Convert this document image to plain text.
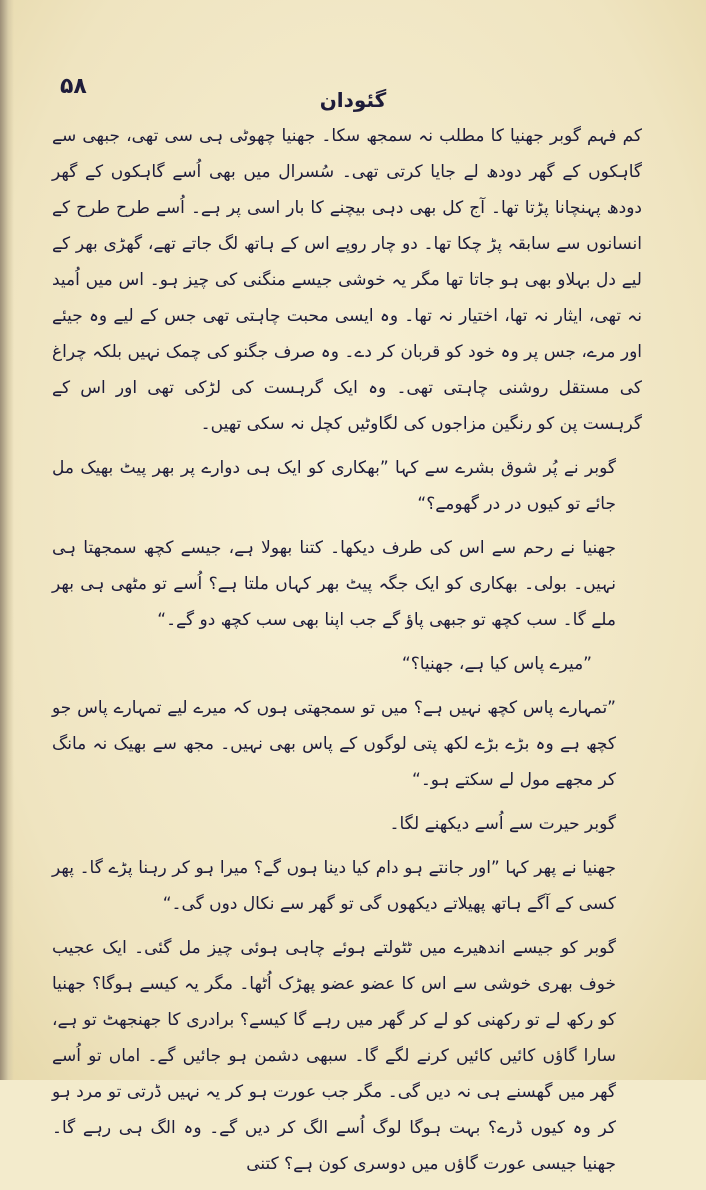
۵۸
گئودان

کم فہم گوبر جھنیا کا مطلب نہ سمجھ سکا۔ جھنیا چھوٹی ہی سی تھی، جبھی سے گاہکوں کے گھر دودھ لے جایا کرتی تھی۔ سُسرال میں بھی اُسے گاہکوں کے گھر دودھ پہنچانا پڑتا تھا۔ آج کل بھی دہی بیچنے کا بار اسی پر ہے۔ اُسے طرح طرح کے انسانوں سے سابقہ پڑ چکا تھا۔ دو چار روپے اس کے ہاتھ لگ جاتے تھے، گھڑی بھر کے لیے دل بہلاو بھی ہو جاتا تھا مگر یہ خوشی جیسے منگنی کی چیز ہو۔ اس میں اُمید نہ تھی، ایثار نہ تھا، اختیار نہ تھا۔ وہ ایسی محبت چاہتی تھی جس کے لیے وہ جیئے اور مرے، جس پر وہ خود کو قربان کر دے۔ وہ صرف جگنو کی چمک نہیں بلکہ چراغ کی مستقل روشنی چاہتی تھی۔ وہ ایک گرہست کی لڑکی تھی اور اس کے گرہست پن کو رنگین مزاجوں کی لگاوٹیں کچل نہ سکی تھیں۔

گوبر نے پُر شوق بشرے سے کہا ”بھکاری کو ایک ہی دوارے پر بھر پیٹ بھیک مل جائے تو کیوں در در گھومے؟“

جھنیا نے رحم سے اس کی طرف دیکھا۔ کتنا بھولا ہے، جیسے کچھ سمجھتا ہی نہیں۔ بولی۔ بھکاری کو ایک جگہ پیٹ بھر کہاں ملتا ہے؟ اُسے تو مٹھی ہی بھر ملے گا۔ سب کچھ تو جبھی پاؤ گے جب اپنا بھی سب کچھ دو گے۔“

”میرے پاس کیا ہے، جھنیا؟“

”تمہارے پاس کچھ نہیں ہے؟ میں تو سمجھتی ہوں کہ میرے لیے تمہارے پاس جو کچھ ہے وہ بڑے بڑے لکھ پتی لوگوں کے پاس بھی نہیں۔ مجھ سے بھیک نہ مانگ کر مجھے مول لے سکتے ہو۔“

گوبر حیرت سے اُسے دیکھنے لگا۔

جھنیا نے پھر کہا ”اور جانتے ہو دام کیا دینا ہوں گے؟ میرا ہو کر رہنا پڑے گا۔ پھر کسی کے آگے ہاتھ پھیلاتے دیکھوں گی تو گھر سے نکال دوں گی۔“

گوبر کو جیسے اندھیرے میں ٹٹولتے ہوئے چاہی ہوئی چیز مل گئی۔ ایک عجیب خوف بھری خوشی سے اس کا عضو عضو پھڑک اُٹھا۔ مگر یہ کیسے ہوگا؟ جھنیا کو رکھ لے تو رکھنی کو لے کر گھر میں رہے گا کیسے؟ برادری کا جھنجھٹ تو ہے، سارا گاؤں کائیں کائیں کرنے لگے گا۔ سبھی دشمن ہو جائیں گے۔ اماں تو اُسے گھر میں گھسنے ہی نہ دیں گی۔ مگر جب عورت ہو کر یہ نہیں ڈرتی تو مرد ہو کر وہ کیوں ڈرے؟ بہت ہوگا لوگ اُسے الگ کر دیں گے۔ وہ الگ ہی رہے گا۔ جھنیا جیسی عورت گاؤں میں دوسری کون ہے؟ کتنی
